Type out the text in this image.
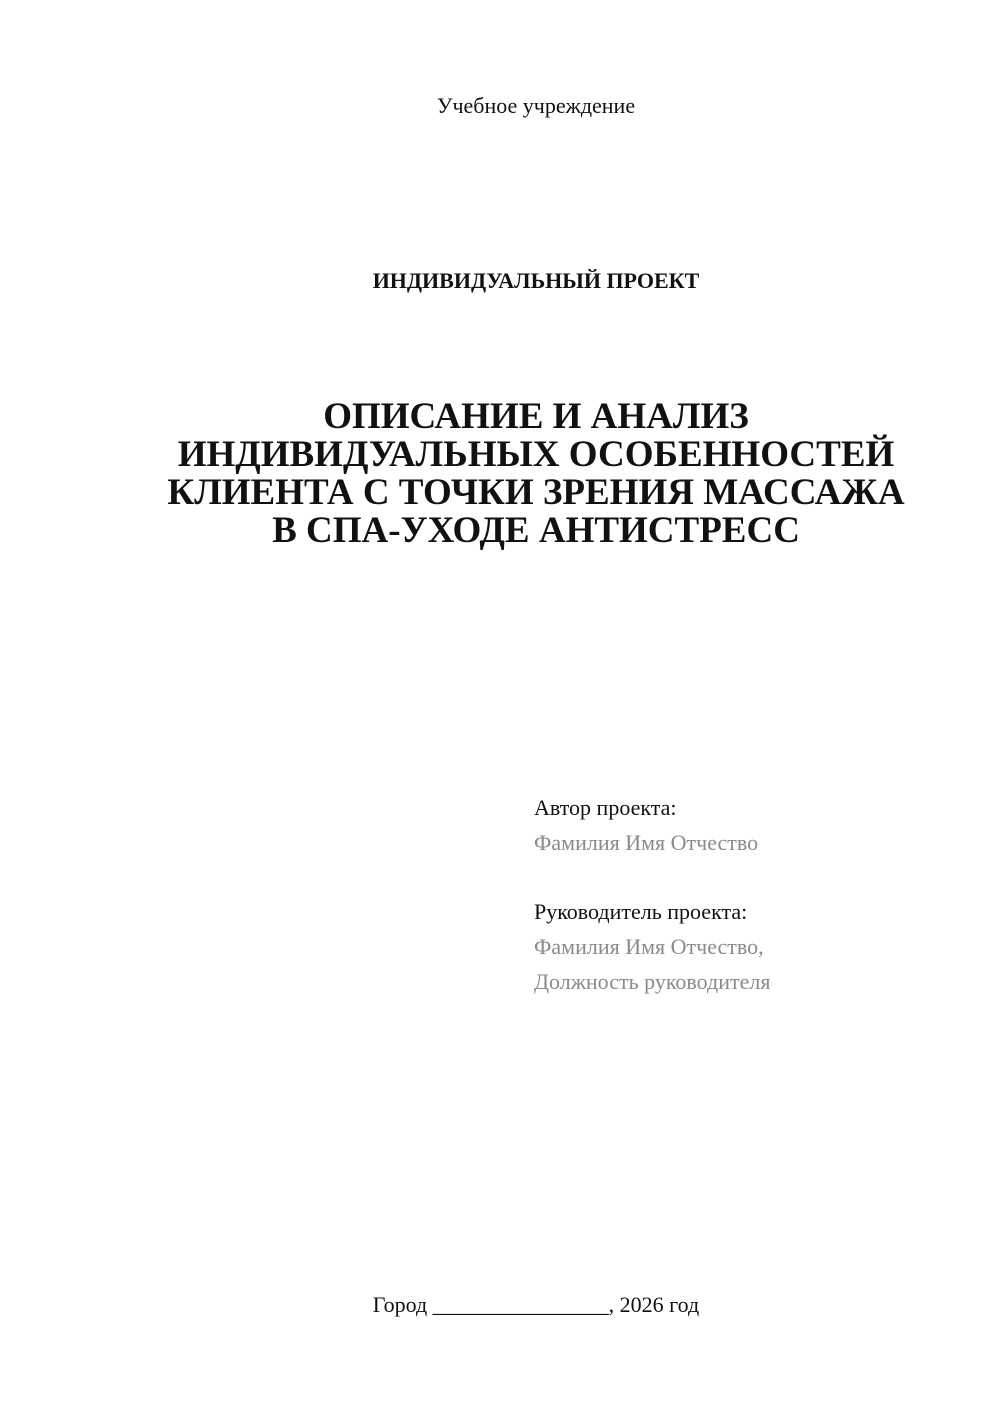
Учебное учреждение
ИНДИВИДУАЛЬНЫЙ ПРОЕКТ
ОПИСАНИЕ И АНАЛИЗ
ИНДИВИДУАЛЬНЫХ ОСОБЕННОСТЕЙ
КЛИЕНТА С ТОЧКИ ЗРЕНИЯ МАССАЖА
В СПА-УХОДЕ АНТИСТРЕСС
Автор проекта:
Фамилия Имя Отчество
Руководитель проекта:
Фамилия Имя Отчество,
Должность руководителя
Город ________________, 2026 год
